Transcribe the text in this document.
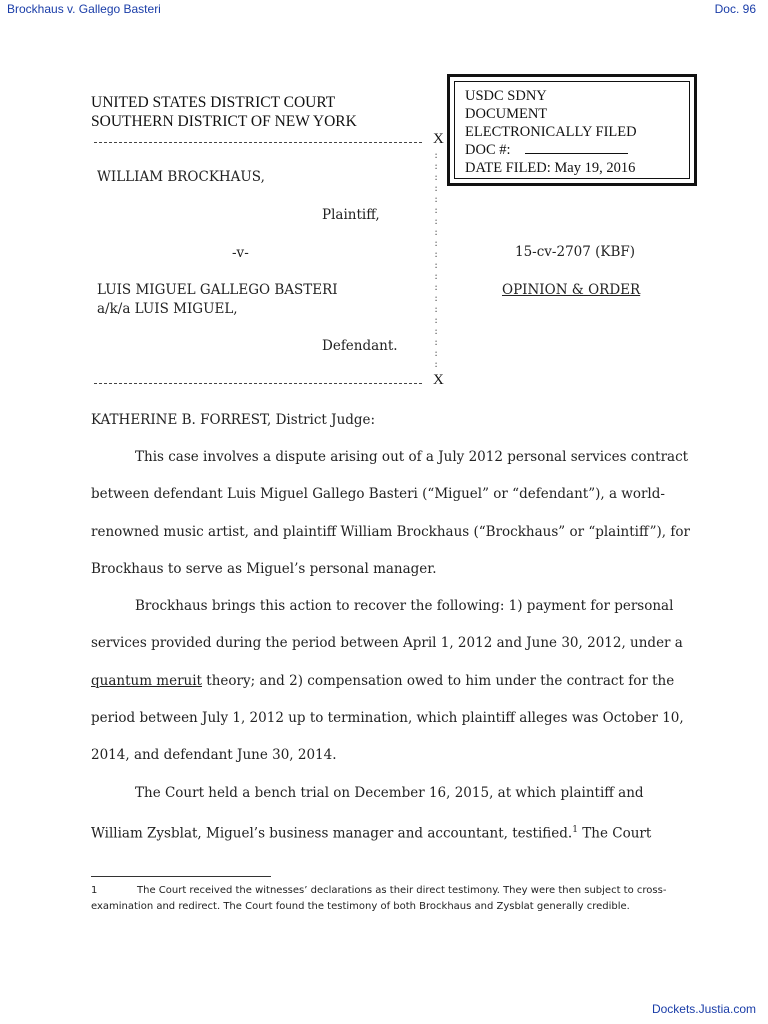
Brockhaus v. Gallego Basteri	Doc. 96
USDC SDNY
DOCUMENT
ELECTRONICALLY FILED
DOC #:
DATE FILED: May 19, 2016
UNITED STATES DISTRICT COURT
SOUTHERN DISTRICT OF NEW YORK
X
:
:
:
:
:
:
:
:
:
:
:
:
:
:
:
:
:
:
:
:
WILLIAM BROCKHAUS,
Plaintiff,
-v-
LUIS MIGUEL GALLEGO BASTERI
a/k/a LUIS MIGUEL,
Defendant.
15-cv-2707 (KBF)
OPINION & ORDER
X
KATHERINE B. FORREST, District Judge:

This case involves a dispute arising out of a July 2012 personal services contract between defendant Luis Miguel Gallego Basteri (“Miguel” or “defendant”), a world-renowned music artist, and plaintiff William Brockhaus (“Brockhaus” or “plaintiff”), for Brockhaus to serve as Miguel’s personal manager.

Brockhaus brings this action to recover the following: 1) payment for personal services provided during the period between April 1, 2012 and June 30, 2012, under a quantum meruit theory; and 2) compensation owed to him under the contract for the period between July 1, 2012 up to termination, which plaintiff alleges was October 10, 2014, and defendant June 30, 2014.

The Court held a bench trial on December 16, 2015, at which plaintiff and William Zysblat, Miguel’s business manager and accountant, testified.$^1$ The Court

1	The Court received the witnesses’ declarations as their direct testimony. They were then subject to cross-examination and redirect. The Court found the testimony of both Brockhaus and Zysblat generally credible.
Dockets.Justia.com
